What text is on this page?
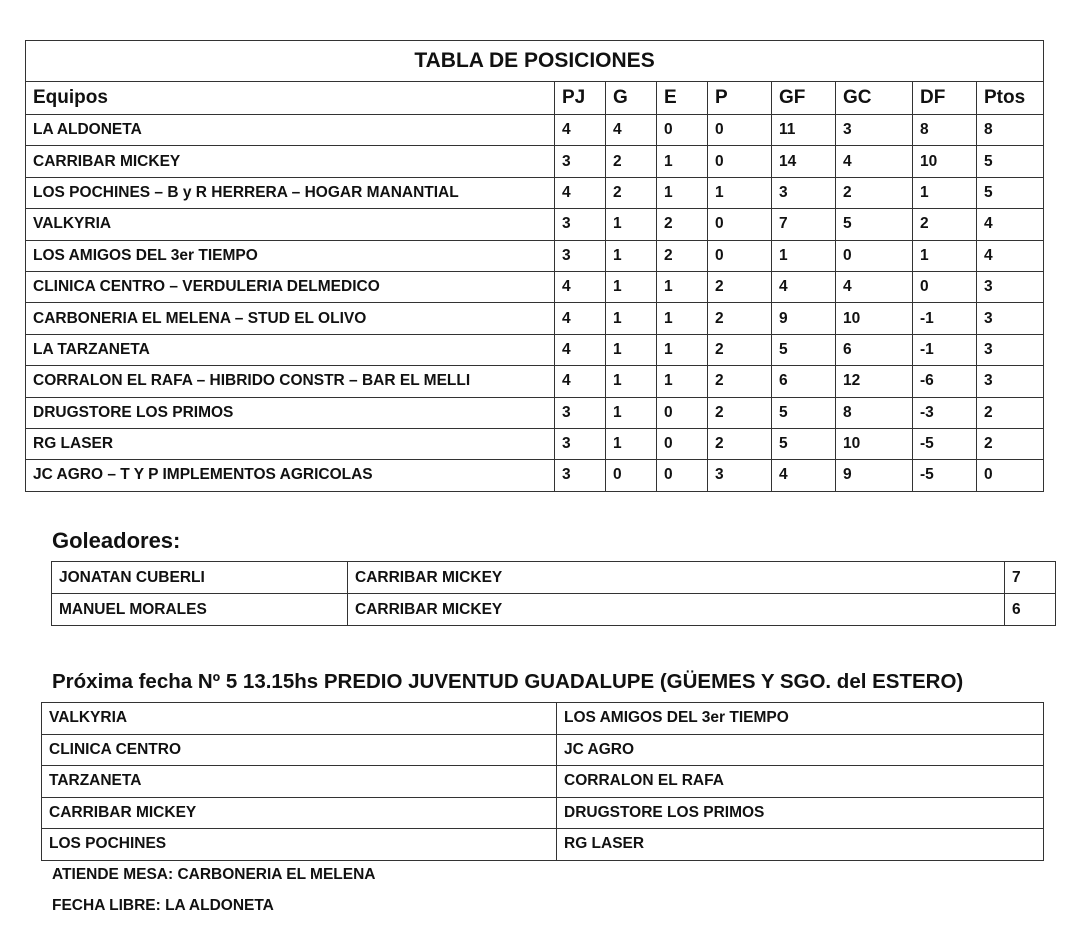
TABLA DE POSICIONES								
Equipos	PJ	G	E	P	GF	GC	DF	Ptos
LA ALDONETA	4	4	0	0	11	3	8	8
CARRIBAR MICKEY	3	2	1	0	14	4	10	5
LOS POCHINES – B y R HERRERA – HOGAR MANANTIAL	4	2	1	1	3	2	1	5
VALKYRIA	3	1	2	0	7	5	2	4
LOS AMIGOS DEL 3er TIEMPO	3	1	2	0	1	0	1	4
CLINICA CENTRO – VERDULERIA DELMEDICO	4	1	1	2	4	4	0	3
CARBONERIA EL MELENA – STUD EL OLIVO	4	1	1	2	9	10	-1	3
LA TARZANETA	4	1	1	2	5	6	-1	3
CORRALON EL RAFA – HIBRIDO CONSTR – BAR EL MELLI	4	1	1	2	6	12	-6	3
DRUGSTORE LOS PRIMOS	3	1	0	2	5	8	-3	2
RG LASER	3	1	0	2	5	10	-5	2
JC AGRO – T Y P IMPLEMENTOS AGRICOLAS	3	0	0	3	4	9	-5	0
Goleadores:
JONATAN CUBERLI	CARRIBAR MICKEY	7
MANUEL MORALES	CARRIBAR MICKEY	6
Próxima fecha Nº 5 13.15hs PREDIO JUVENTUD GUADALUPE (GÜEMES Y SGO. del ESTERO)
VALKYRIA	LOS AMIGOS DEL 3er TIEMPO
CLINICA CENTRO	JC AGRO
TARZANETA	CORRALON EL RAFA
CARRIBAR MICKEY	DRUGSTORE LOS PRIMOS
LOS POCHINES	RG LASER
ATIENDE MESA: CARBONERIA EL MELENA
FECHA LIBRE: LA ALDONETA
